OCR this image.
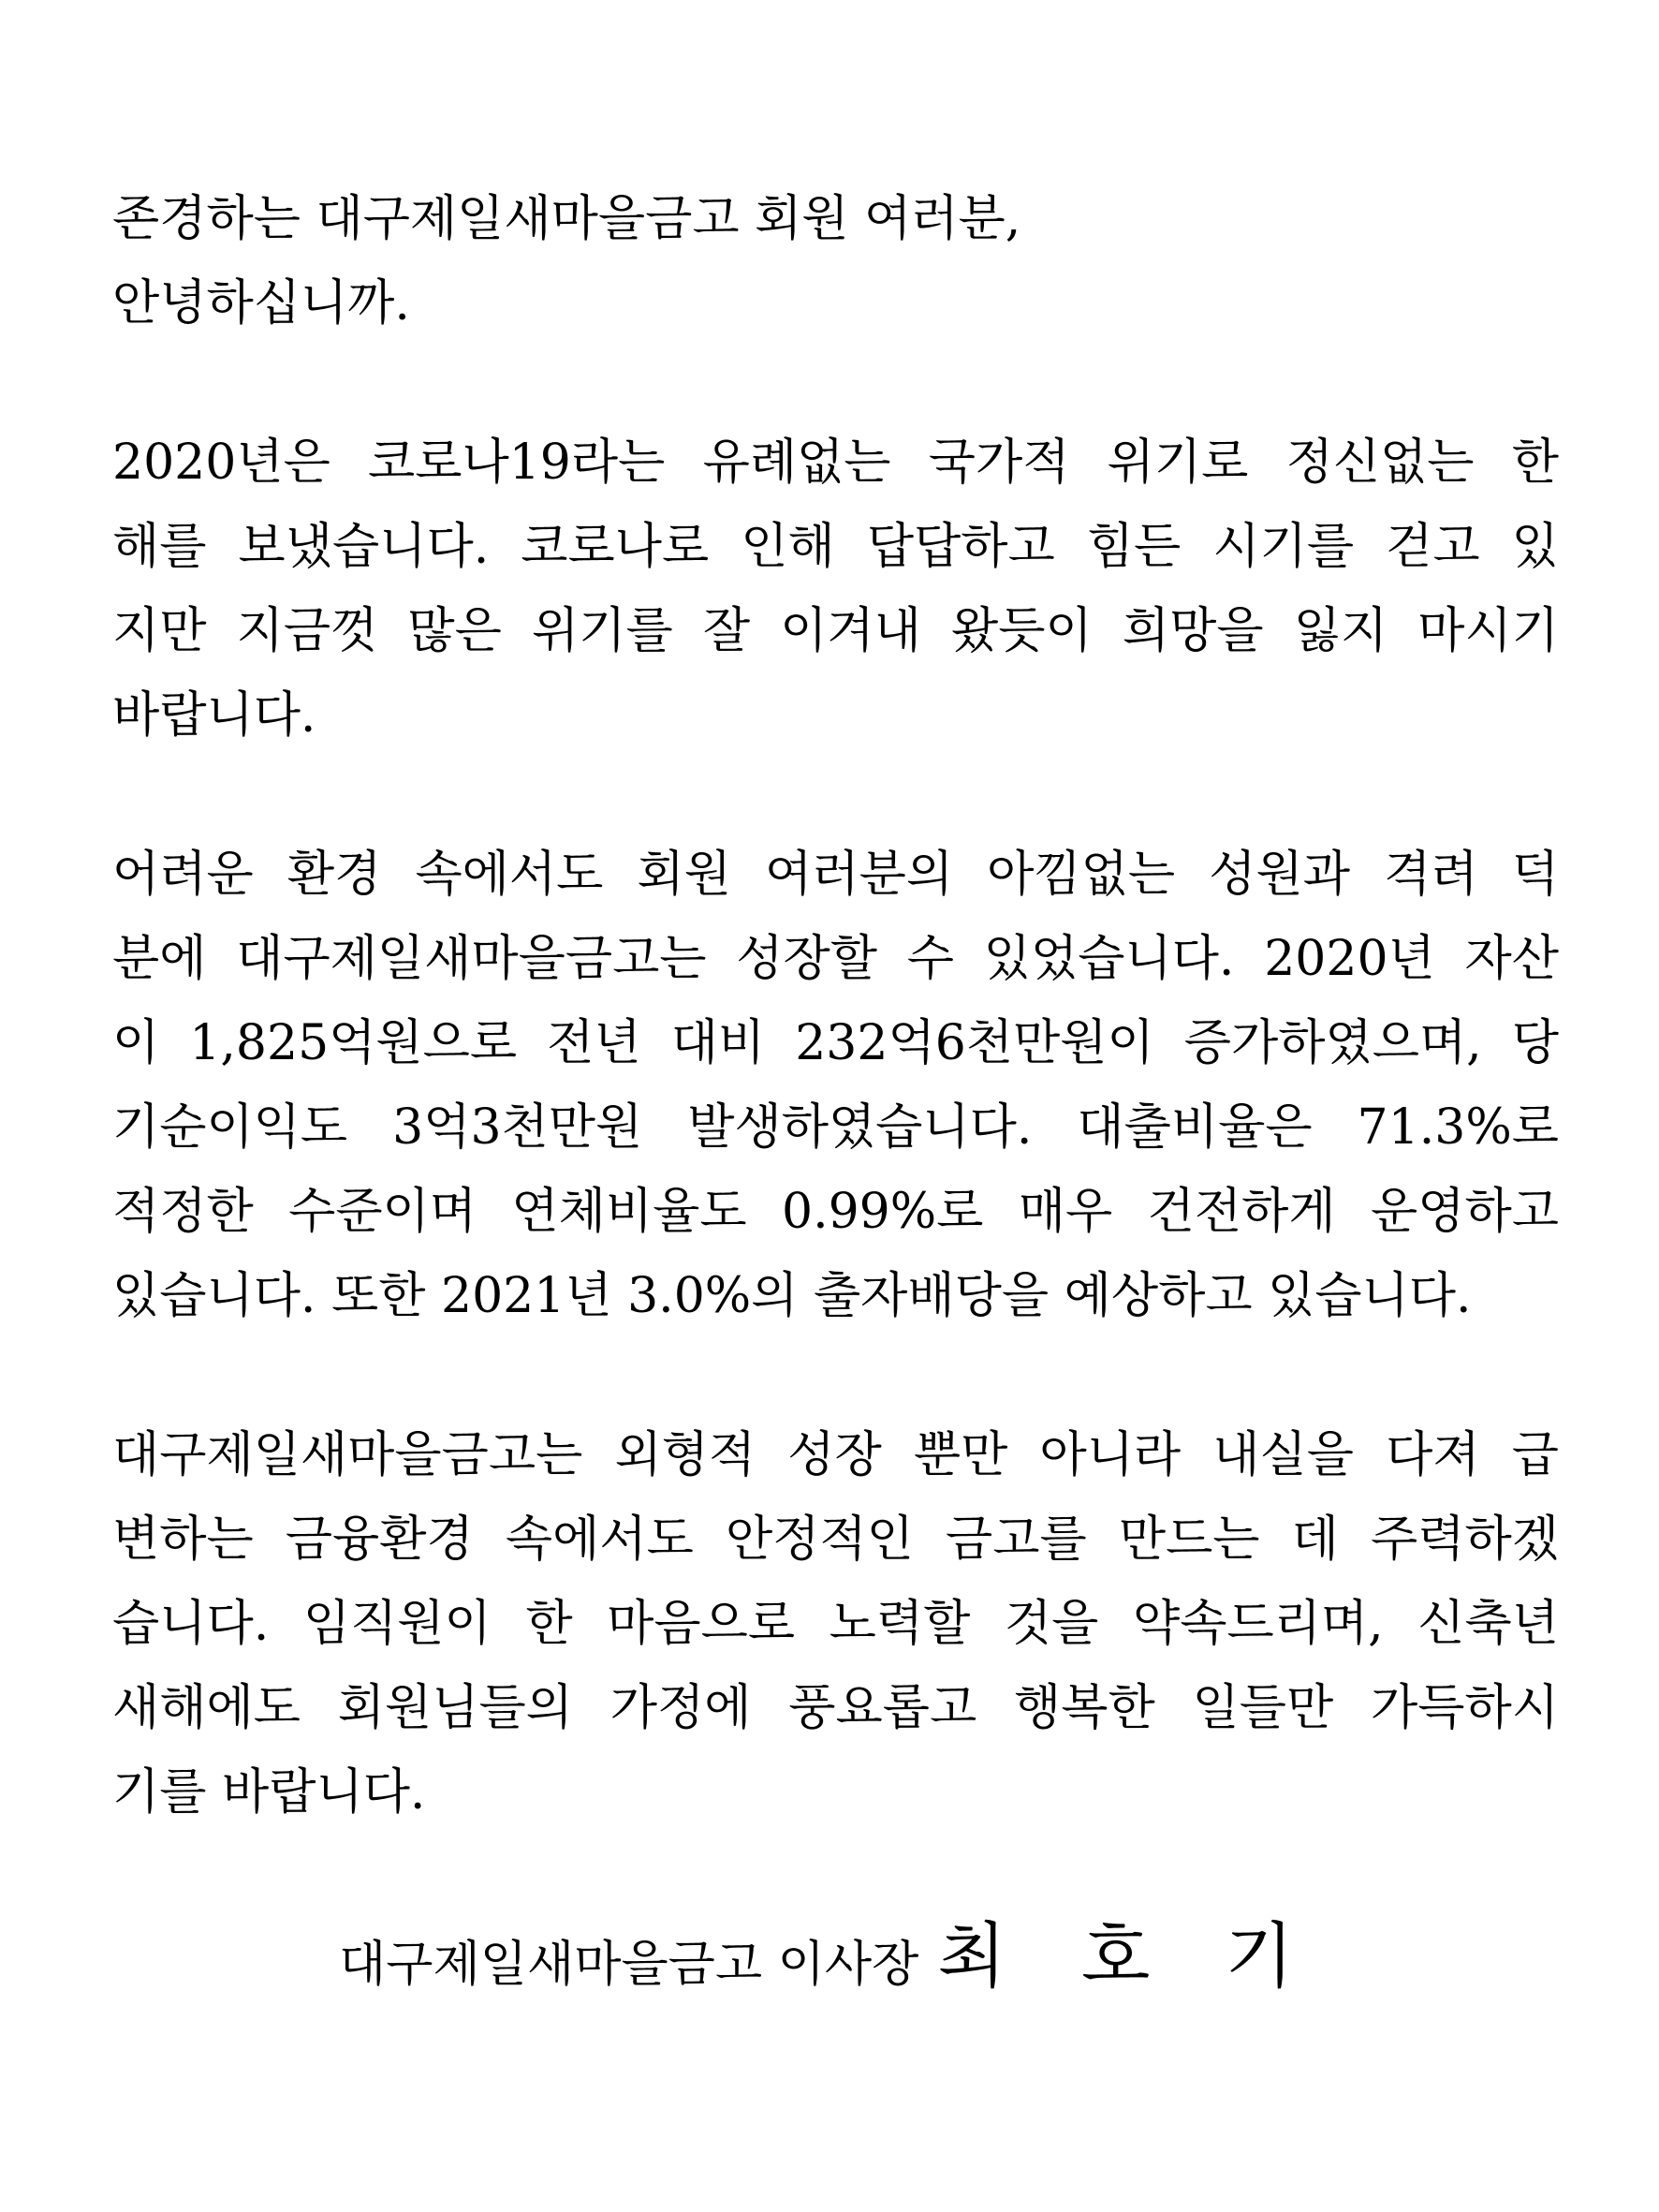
존경하는 대구제일새마을금고 회원 여러분,
안녕하십니까.
2020년은 코로나19라는 유례없는 국가적 위기로 정신없는 한
해를 보냈습니다. 코로나로 인해 답답하고 힘든 시기를 걷고 있
지만 지금껏 많은 위기를 잘 이겨내 왔듯이 희망을 잃지 마시기
바랍니다.
어려운 환경 속에서도 회원 여러분의 아낌없는 성원과 격려 덕
분에 대구제일새마을금고는 성장할 수 있었습니다. 2020년 자산
이 1,825억원으로 전년 대비 232억6천만원이 증가하였으며, 당
기순이익도 3억3천만원 발생하였습니다. 대출비율은 71.3%로
적정한 수준이며 연체비율도 0.99%로 매우 건전하게 운영하고
있습니다. 또한 2021년 3.0%의 출자배당을 예상하고 있습니다.
대구제일새마을금고는 외형적 성장 뿐만 아니라 내실을 다져 급
변하는 금융환경 속에서도 안정적인 금고를 만드는 데 주력하겠
습니다. 임직원이 한 마음으로 노력할 것을 약속드리며, 신축년
새해에도 회원님들의 가정에 풍요롭고 행복한 일들만 가득하시
기를 바랍니다.
대구제일새마을금고 이사장 최 호 기
